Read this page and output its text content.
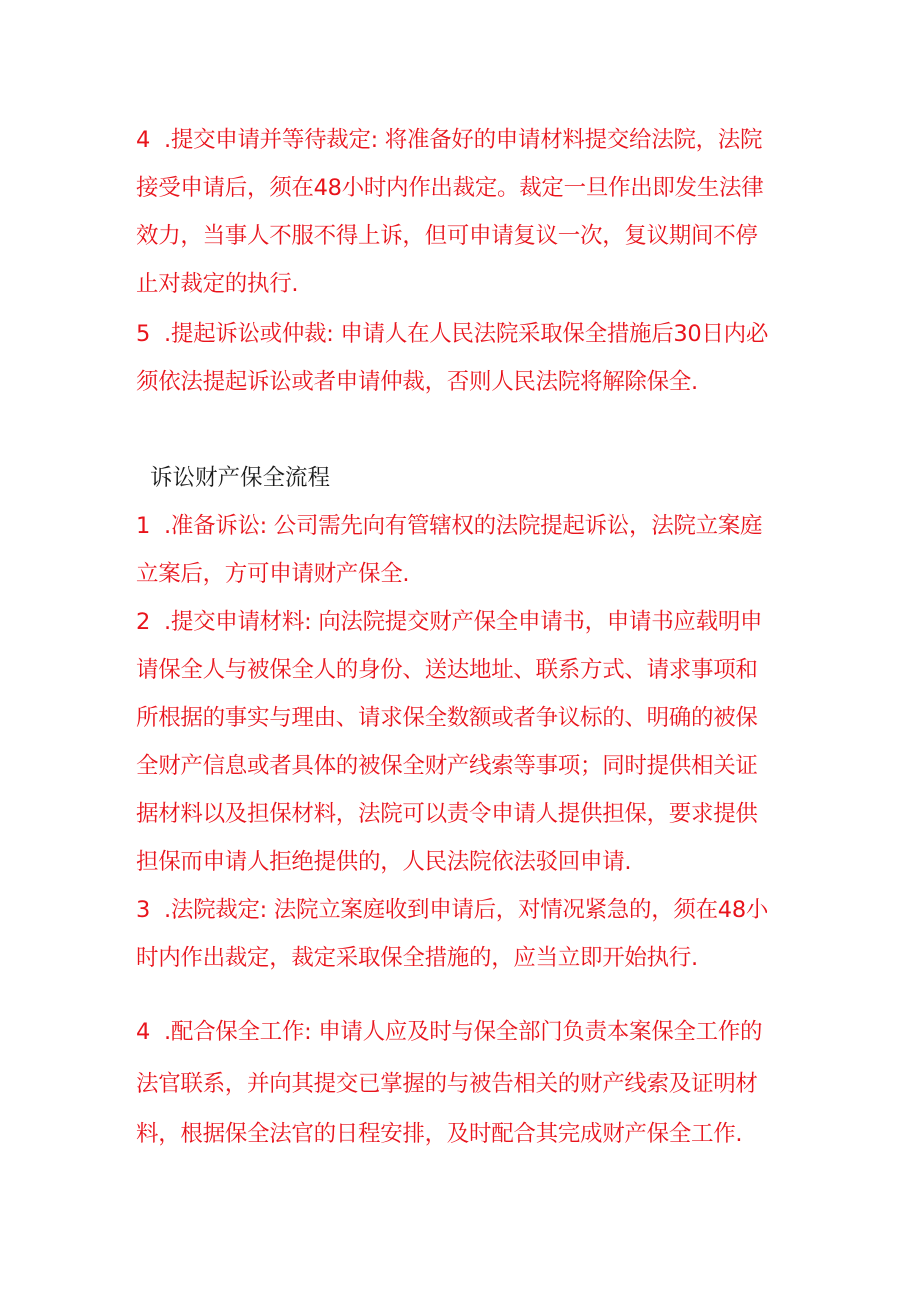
4 .提交申请并等待裁定: 将准备好的申请材料提交给法院，法院
接受申请后，须在48小时内作出裁定。裁定一旦作出即发生法律
效力，当事人不服不得上诉，但可申请复议一次，复议期间不停
止对裁定的执行.
5 .提起诉讼或仲裁: 申请人在人民法院采取保全措施后30日内必
须依法提起诉讼或者申请仲裁，否则人民法院将解除保全.
诉讼财产保全流程
1 .准备诉讼: 公司需先向有管辖权的法院提起诉讼，法院立案庭
立案后，方可申请财产保全.
2 .提交申请材料: 向法院提交财产保全申请书，申请书应载明申
请保全人与被保全人的身份、送达地址、联系方式、请求事项和
所根据的事实与理由、请求保全数额或者争议标的、明确的被保
全财产信息或者具体的被保全财产线索等事项；同时提供相关证
据材料以及担保材料，法院可以责令申请人提供担保，要求提供
担保而申请人拒绝提供的，人民法院依法驳回申请.
3 .法院裁定: 法院立案庭收到申请后，对情况紧急的，须在48小
时内作出裁定，裁定采取保全措施的，应当立即开始执行.
4 .配合保全工作: 申请人应及时与保全部门负责本案保全工作的
法官联系，并向其提交已掌握的与被告相关的财产线索及证明材
料，根据保全法官的日程安排，及时配合其完成财产保全工作.
